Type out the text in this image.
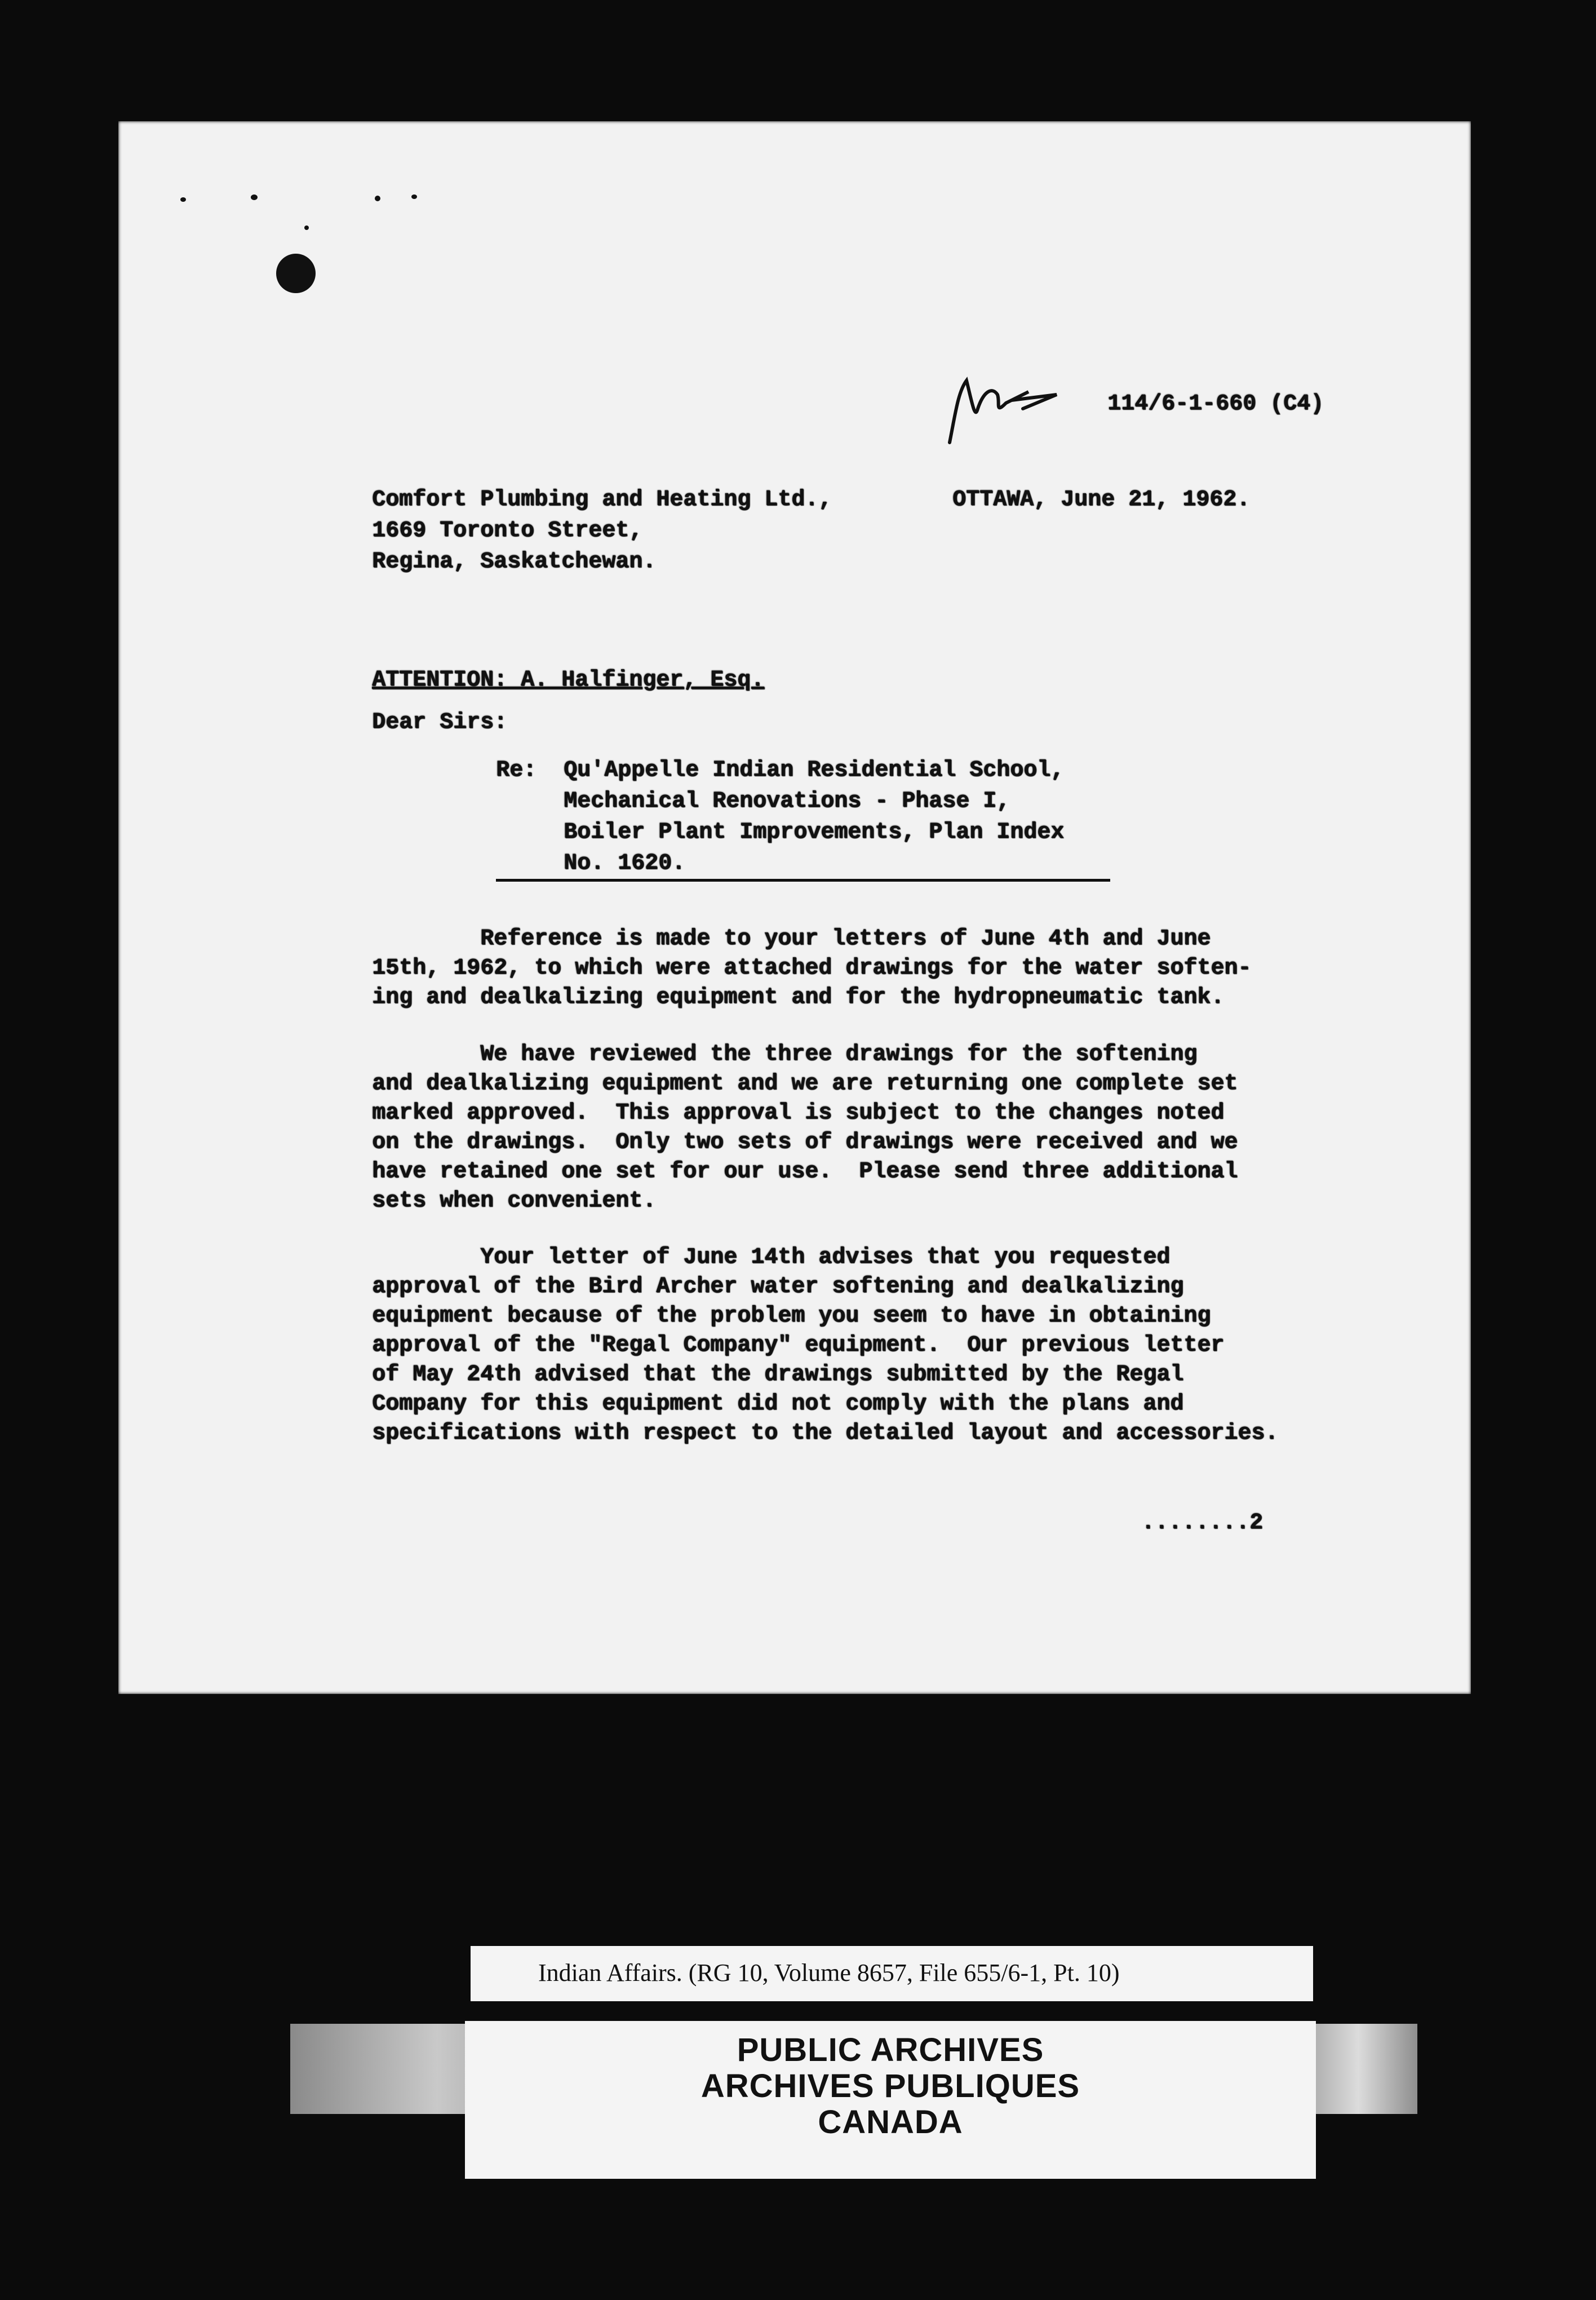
114/6-1-660 (C4)
Comfort Plumbing and Heating Ltd.,
1669 Toronto Street,
Regina, Saskatchewan.
OTTAWA, June 21, 1962.
ATTENTION: A. Halfinger, Esq.
Dear Sirs:
Re: Qu'Appelle Indian Residential School,
Mechanical Renovations - Phase I,
Boiler Plant Improvements, Plan Index
No. 1620.
Reference is made to your letters of June 4th and June
15th, 1962, to which were attached drawings for the water soften-
ing and dealkalizing equipment and for the hydropneumatic tank.
We have reviewed the three drawings for the softening
and dealkalizing equipment and we are returning one complete set
marked approved.  This approval is subject to the changes noted
on the drawings.  Only two sets of drawings were received and we
have retained one set for our use.  Please send three additional
sets when convenient.
Your letter of June 14th advises that you requested
approval of the Bird Archer water softening and dealkalizing
equipment because of the problem you seem to have in obtaining
approval of the "Regal Company" equipment.  Our previous letter
of May 24th advised that the drawings submitted by the Regal
Company for this equipment did not comply with the plans and
specifications with respect to the detailed layout and accessories.
........2
Indian Affairs. (RG 10, Volume 8657, File 655/6-1, Pt. 10)
PUBLIC ARCHIVES
ARCHIVES PUBLIQUES
CANADA
